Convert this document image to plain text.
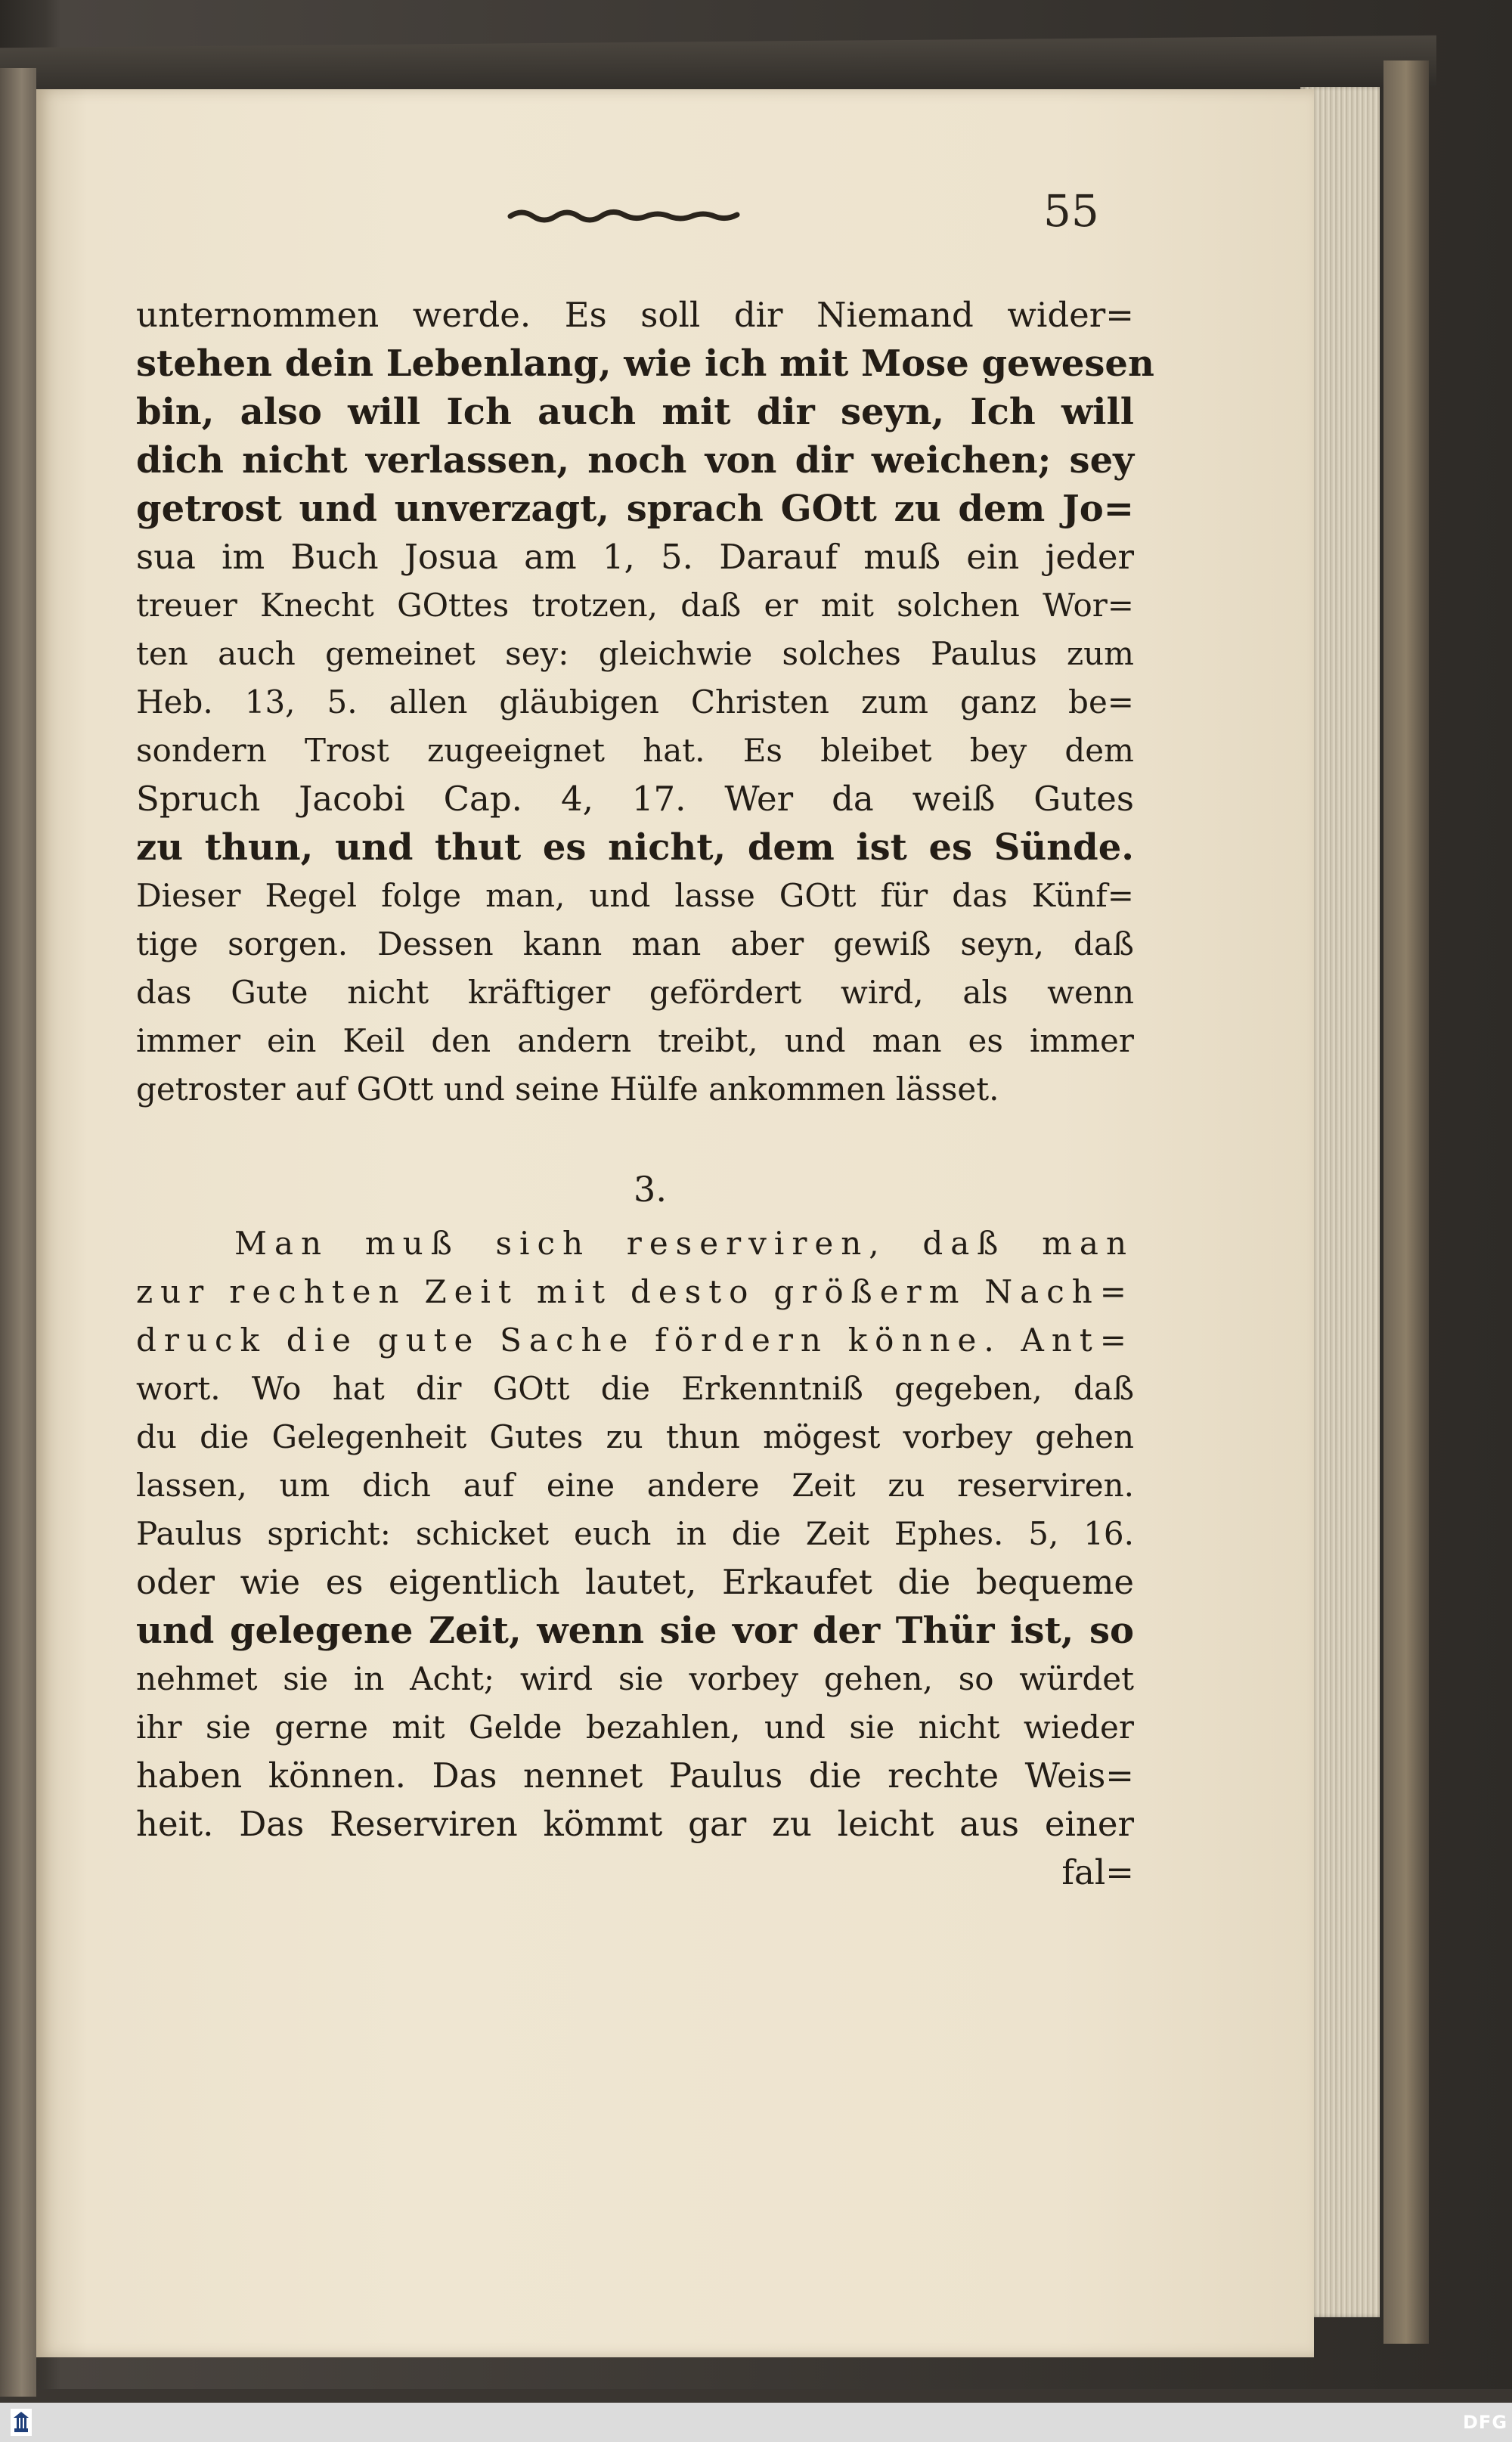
55
unternommen werde. Es soll dir Niemand wider=
stehen dein Lebenlang, wie ich mit Mose gewesen
bin, also will Ich auch mit dir seyn, Ich will
dich nicht verlassen, noch von dir weichen; sey
getrost und unverzagt, sprach GOtt zu dem Jo=
sua im Buch Josua am 1, 5. Darauf muß ein jeder
treuer Knecht GOttes trotzen, daß er mit solchen Wor=
ten auch gemeinet sey: gleichwie solches Paulus zum
Heb. 13, 5. allen gläubigen Christen zum ganz be=
sondern Trost zugeeignet hat. Es bleibet bey dem
Spruch Jacobi Cap. 4, 17. Wer da weiß Gutes
zu thun, und thut es nicht, dem ist es Sünde.
Dieser Regel folge man, und lasse GOtt für das Künf=
tige sorgen. Dessen kann man aber gewiß seyn, daß
das Gute nicht kräftiger gefördert wird, als wenn
immer ein Keil den andern treibt, und man es immer
getroster auf GOtt und seine Hülfe ankommen lässet.
3.
Man muß sich reserviren, daß man
zur rechten Zeit mit desto größerm Nach=
druck die gute Sache fördern könne. Ant=
wort. Wo hat dir GOtt die Erkenntniß gegeben, daß
du die Gelegenheit Gutes zu thun mögest vorbey gehen
lassen, um dich auf eine andere Zeit zu reserviren.
Paulus spricht: schicket euch in die Zeit Ephes. 5, 16.
oder wie es eigentlich lautet, Erkaufet die bequeme
und gelegene Zeit, wenn sie vor der Thür ist, so
nehmet sie in Acht; wird sie vorbey gehen, so würdet
ihr sie gerne mit Gelde bezahlen, und sie nicht wieder
haben können. Das nennet Paulus die rechte Weis=
heit. Das Reserviren kömmt gar zu leicht aus einer
fal=
DFG
